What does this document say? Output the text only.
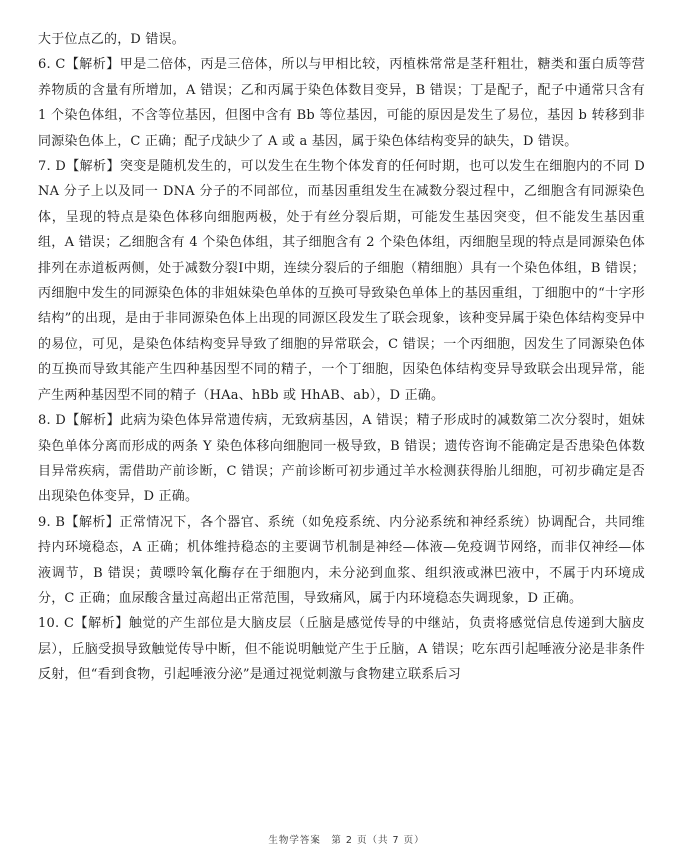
大于位点乙的，D 错误。

6. C【解析】甲是二倍体，丙是三倍体，所以与甲相比较，丙植株常常是茎秆粗壮，糖类和蛋白质等营养物质的含量有所增加，A 错误；乙和丙属于染色体数目变异，B 错误；丁是配子，配子中通常只含有 1 个染色体组，不含等位基因，但图中含有 Bb 等位基因，可能的原因是发生了易位，基因 b 转移到非同源染色体上，C 正确；配子戊缺少了 A 或 a 基因，属于染色体结构变异的缺失，D 错误。

7. D【解析】突变是随机发生的，可以发生在生物个体发育的任何时期，也可以发生在细胞内的不同 DNA 分子上以及同一 DNA 分子的不同部位，而基因重组发生在减数分裂过程中，乙细胞含有同源染色体，呈现的特点是染色体移向细胞两极，处于有丝分裂后期，可能发生基因突变，但不能发生基因重组，A 错误；乙细胞含有 4 个染色体组，其子细胞含有 2 个染色体组，丙细胞呈现的特点是同源染色体排列在赤道板两侧，处于减数分裂Ⅰ中期，连续分裂后的子细胞（精细胞）具有一个染色体组，B 错误；丙细胞中发生的同源染色体的非姐妹染色单体的互换可导致染色单体上的基因重组，丁细胞中的“十字形结构”的出现，是由于非同源染色体上出现的同源区段发生了联会现象，该种变异属于染色体结构变异中的易位，可见，是染色体结构变异导致了细胞的异常联会，C 错误；一个丙细胞，因发生了同源染色体的互换而导致其能产生四种基因型不同的精子，一个丁细胞，因染色体结构变异导致联会出现异常，能产生两种基因型不同的精子（HAa、hBb 或 HhAB、ab），D 正确。

8. D【解析】此病为染色体异常遗传病，无致病基因，A 错误；精子形成时的减数第二次分裂时，姐妹染色单体分离而形成的两条 Y 染色体移向细胞同一极导致，B 错误；遗传咨询不能确定是否患染色体数目异常疾病，需借助产前诊断，C 错误；产前诊断可初步通过羊水检测获得胎儿细胞，可初步确定是否出现染色体变异，D 正确。

9. B【解析】正常情况下，各个器官、系统（如免疫系统、内分泌系统和神经系统）协调配合，共同维持内环境稳态，A 正确；机体维持稳态的主要调节机制是神经—体液—免疫调节网络，而非仅神经—体液调节，B 错误；黄嘌呤氧化酶存在于细胞内，未分泌到血浆、组织液或淋巴液中，不属于内环境成分，C 正确；血尿酸含量过高超出正常范围，导致痛风，属于内环境稳态失调现象，D 正确。

10. C【解析】触觉的产生部位是大脑皮层（丘脑是感觉传导的中继站，负责将感觉信息传递到大脑皮层），丘脑受损导致触觉传导中断，但不能说明触觉产生于丘脑，A 错误；吃东西引起唾液分泌是非条件反射，但“看到食物，引起唾液分泌”是通过视觉刺激与食物建立联系后习

生物学答案　第 2 页（共 7 页）
